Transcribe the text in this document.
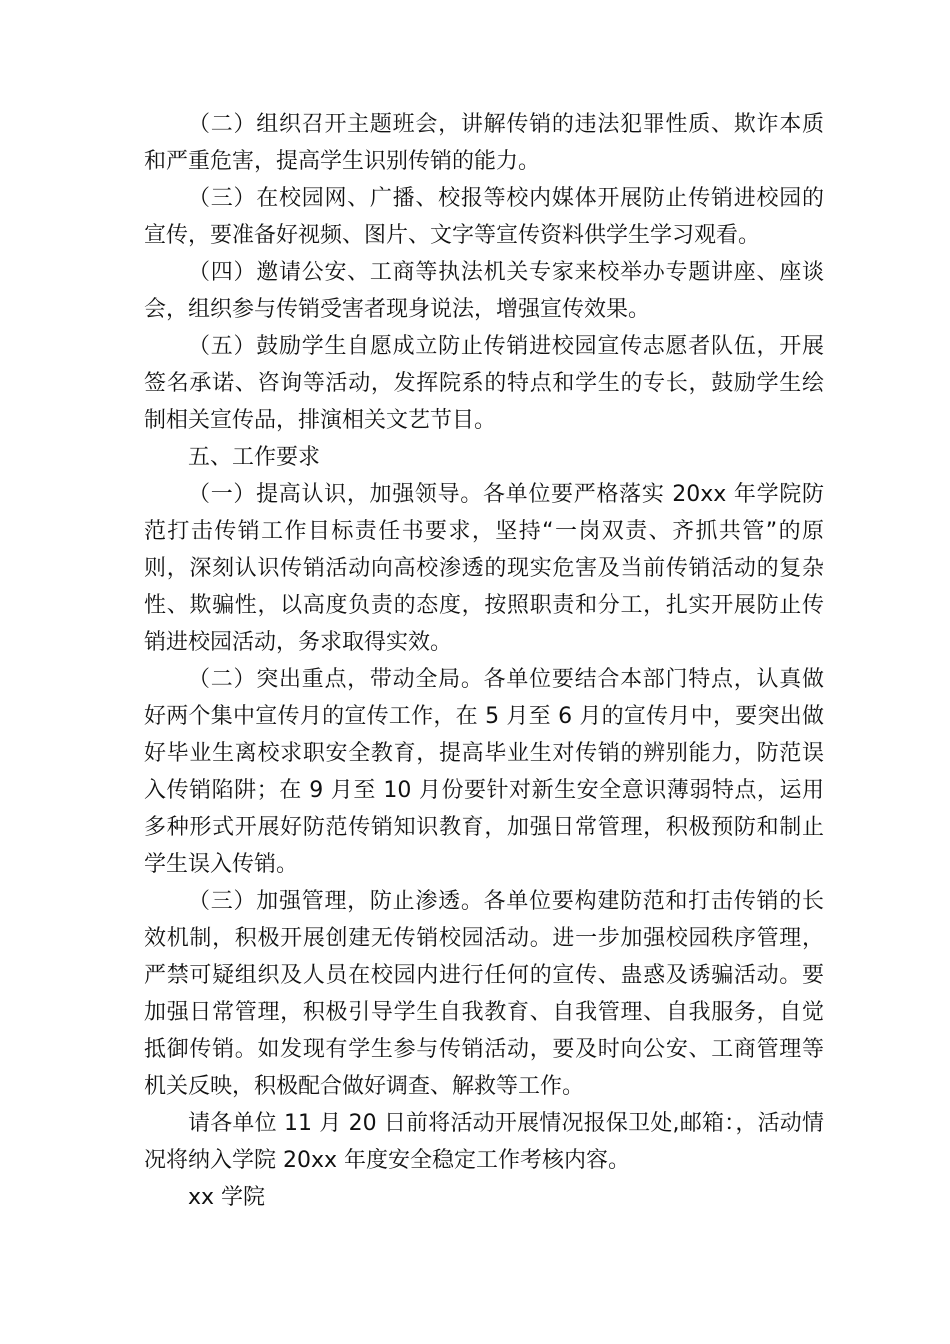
（二）组织召开主题班会，讲解传销的违法犯罪性质、欺诈本质和严重危害，提高学生识别传销的能力。

（三）在校园网、广播、校报等校内媒体开展防止传销进校园的宣传，要准备好视频、图片、文字等宣传资料供学生学习观看。

（四）邀请公安、工商等执法机关专家来校举办专题讲座、座谈会，组织参与传销受害者现身说法，增强宣传效果。

（五）鼓励学生自愿成立防止传销进校园宣传志愿者队伍，开展签名承诺、咨询等活动，发挥院系的特点和学生的专长，鼓励学生绘制相关宣传品，排演相关文艺节目。

五、工作要求

（一）提高认识，加强领导。各单位要严格落实 20xx 年学院防范打击传销工作目标责任书要求，坚持“一岗双责、齐抓共管”的原则，深刻认识传销活动向高校渗透的现实危害及当前传销活动的复杂性、欺骗性，以高度负责的态度，按照职责和分工，扎实开展防止传销进校园活动，务求取得实效。

（二）突出重点，带动全局。各单位要结合本部门特点，认真做好两个集中宣传月的宣传工作，在 5 月至 6 月的宣传月中，要突出做好毕业生离校求职安全教育，提高毕业生对传销的辨别能力，防范误入传销陷阱；在 9 月至 10 月份要针对新生安全意识薄弱特点，运用多种形式开展好防范传销知识教育，加强日常管理，积极预防和制止学生误入传销。

（三）加强管理，防止渗透。各单位要构建防范和打击传销的长效机制，积极开展创建无传销校园活动。进一步加强校园秩序管理，严禁可疑组织及人员在校园内进行任何的宣传、蛊惑及诱骗活动。要加强日常管理，积极引导学生自我教育、自我管理、自我服务，自觉抵御传销。如发现有学生参与传销活动，要及时向公安、工商管理等机关反映，积极配合做好调查、解救等工作。

请各单位 11 月 20 日前将活动开展情况报保卫处,邮箱：，活动情况将纳入学院 20xx 年度安全稳定工作考核内容。

xx 学院
